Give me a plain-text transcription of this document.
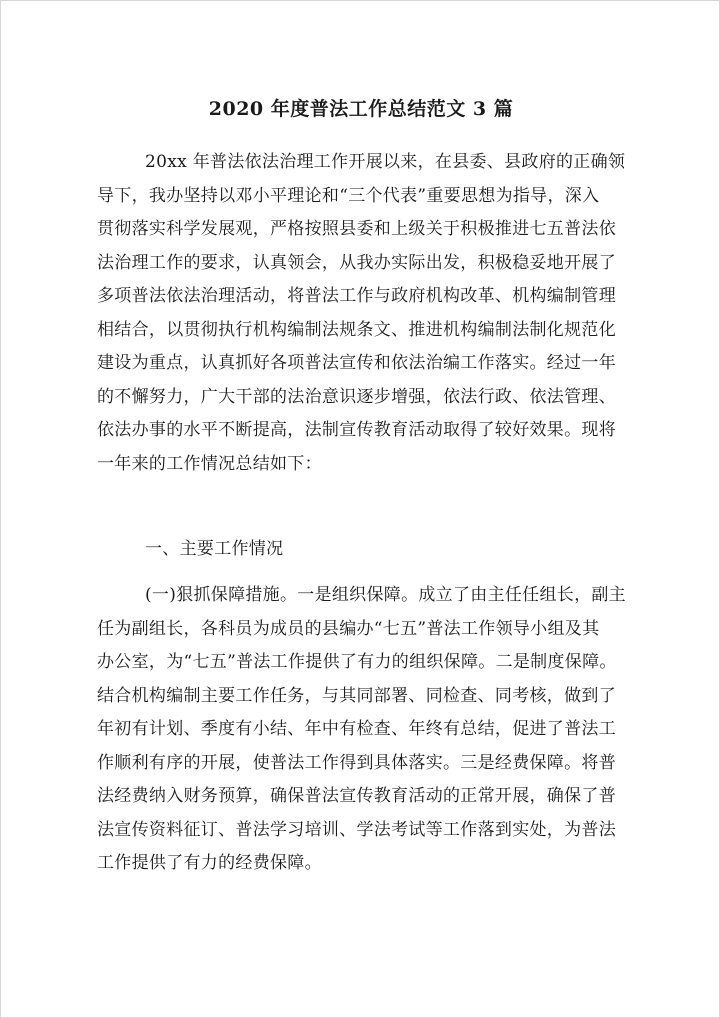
2020 年度普法工作总结范文 3 篇
20xx 年普法依法治理工作开展以来，在县委、县政府的正确领
导下，我办坚持以邓小平理论和“三个代表”重要思想为指导，深入
贯彻落实科学发展观，严格按照县委和上级关于积极推进七五普法依
法治理工作的要求，认真领会，从我办实际出发，积极稳妥地开展了
多项普法依法治理活动，将普法工作与政府机构改革、机构编制管理
相结合，以贯彻执行机构编制法规条文、推进机构编制法制化规范化
建设为重点，认真抓好各项普法宣传和依法治编工作落实。经过一年
的不懈努力，广大干部的法治意识逐步增强，依法行政、依法管理、
依法办事的水平不断提高，法制宣传教育活动取得了较好效果。现将
一年来的工作情况总结如下：
一、主要工作情况
(一)狠抓保障措施。一是组织保障。成立了由主任任组长，副主
任为副组长，各科员为成员的县编办“七五”普法工作领导小组及其
办公室，为“七五”普法工作提供了有力的组织保障。二是制度保障。
结合机构编制主要工作任务，与其同部署、同检查、同考核，做到了
年初有计划、季度有小结、年中有检查、年终有总结，促进了普法工
作顺利有序的开展，使普法工作得到具体落实。三是经费保障。将普
法经费纳入财务预算，确保普法宣传教育活动的正常开展，确保了普
法宣传资料征订、普法学习培训、学法考试等工作落到实处，为普法
工作提供了有力的经费保障。
